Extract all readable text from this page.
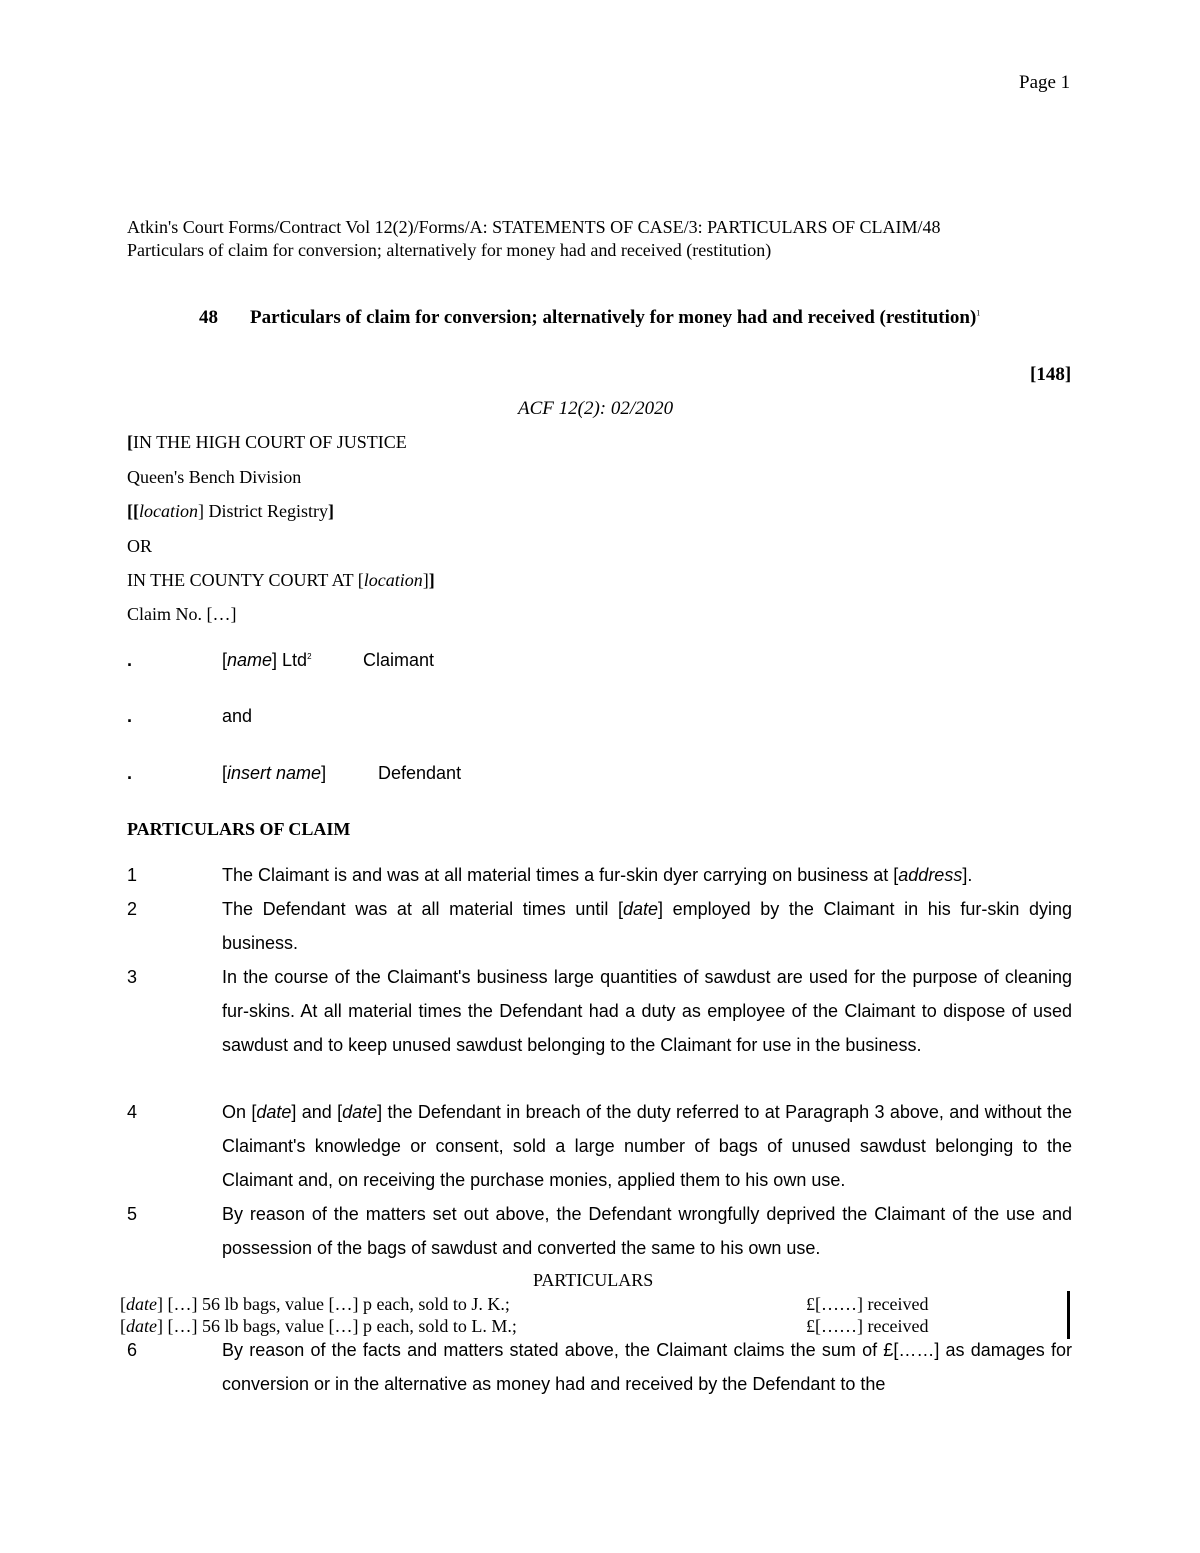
Page 1
Atkin's Court Forms/Contract Vol 12(2)/Forms/A: STATEMENTS OF CASE/3: PARTICULARS OF CLAIM/48
Particulars of claim for conversion; alternatively for money had and received (restitution)
48 Particulars of claim for conversion; alternatively for money had and received (restitution)$^1$
[148]
ACF 12(2): 02/2020
[IN THE HIGH COURT OF JUSTICE
Queen's Bench Division
[[location] District Registry]
OR
IN THE COUNTY COURT AT [location]]
Claim No. […]
.	[name] Ltd$^2$	Claimant
.	and
.	[insert name]	Defendant
PARTICULARS OF CLAIM
1	The Claimant is and was at all material times a fur-skin dyer carrying on business at [address].
2	The Defendant was at all material times until [date] employed by the Claimant in his fur-skin dying business.
3	In the course of the Claimant's business large quantities of sawdust are used for the purpose of cleaning fur-skins. At all material times the Defendant had a duty as employee of the Claimant to dispose of used sawdust and to keep unused sawdust belonging to the Claimant for use in the business.
4	On [date] and [date] the Defendant in breach of the duty referred to at Paragraph 3 above, and without the Claimant's knowledge or consent, sold a large number of bags of unused sawdust belonging to the Claimant and, on receiving the purchase monies, applied them to his own use.
5	By reason of the matters set out above, the Defendant wrongfully deprived the Claimant of the use and possession of the bags of sawdust and converted the same to his own use.
PARTICULARS
[date] […] 56 lb bags, value […] p each, sold to J. K.;	£[……] received
[date] […] 56 lb bags, value […] p each, sold to L. M.;	£[……] received
6	By reason of the facts and matters stated above, the Claimant claims the sum of £[……] as damages for conversion or in the alternative as money had and received by the Defendant to the
